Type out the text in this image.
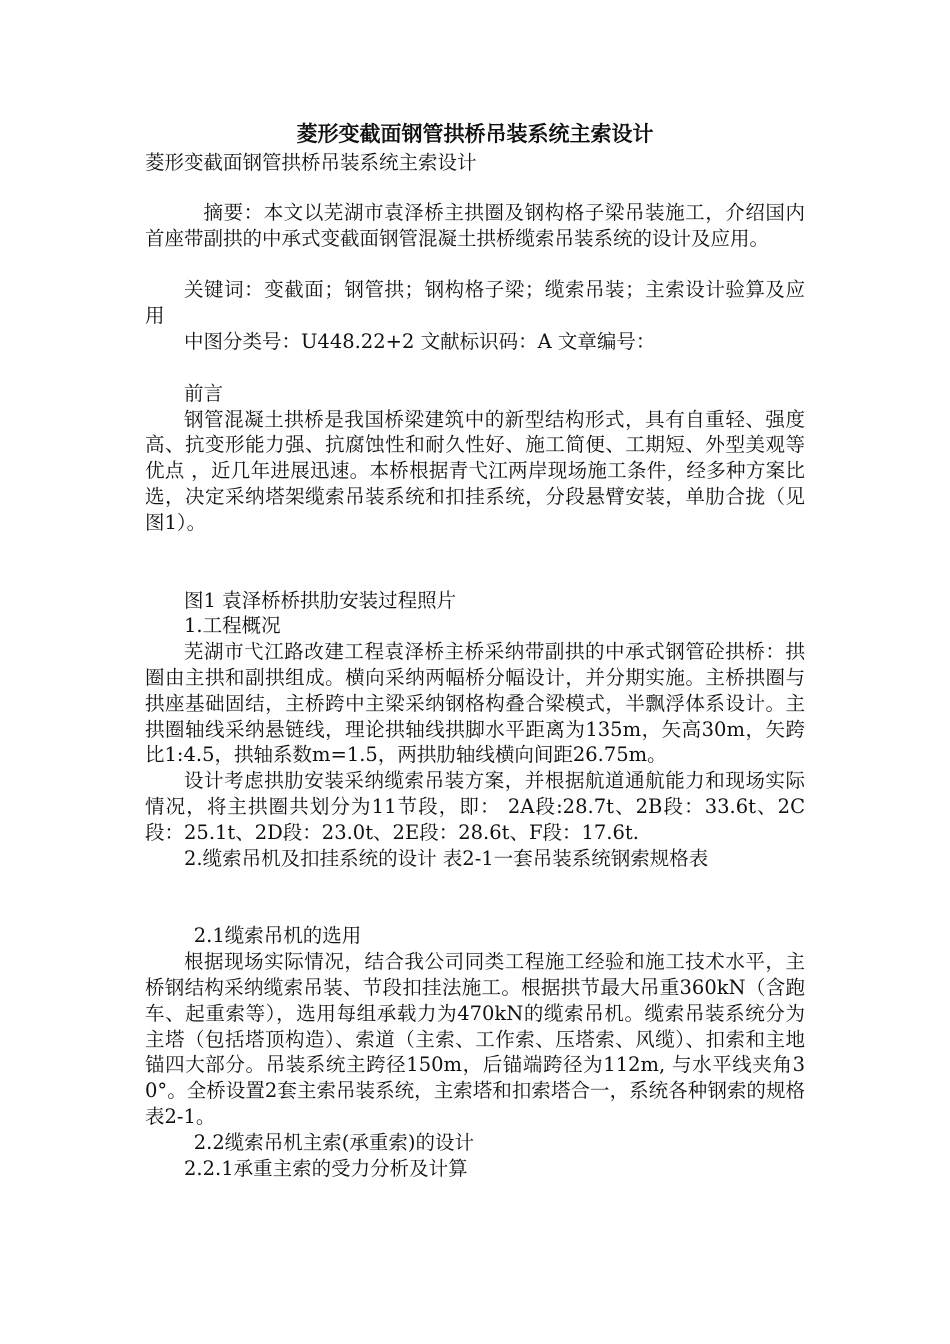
菱形变截面钢管拱桥吊装系统主索设计

菱形变截面钢管拱桥吊装系统主索设计

摘要：本文以芜湖市袁泽桥主拱圈及钢构格子梁吊装施工，介绍国内首座带副拱的中承式变截面钢管混凝土拱桥缆索吊装系统的设计及应用。

关键词：变截面；钢管拱；钢构格子梁；缆索吊装；主索设计验算及应用

中图分类号：U448.22+2 文献标识码：A 文章编号：

前言

钢管混凝土拱桥是我国桥梁建筑中的新型结构形式，具有自重轻、强度高、抗变形能力强、抗腐蚀性和耐久性好、施工简便、工期短、外型美观等优点 ，近几年进展迅速。本桥根据青弋江两岸现场施工条件，经多种方案比选，决定采纳塔架缆索吊装系统和扣挂系统，分段悬臂安装，单肋合拢（见图1）。

图1 袁泽桥桥拱肋安装过程照片

1.工程概况

芜湖市弋江路改建工程袁泽桥主桥采纳带副拱的中承式钢管砼拱桥：拱圈由主拱和副拱组成。横向采纳两幅桥分幅设计，并分期实施。主桥拱圈与拱座基础固结，主桥跨中主梁采纳钢格构叠合梁模式，半飘浮体系设计。主拱圈轴线采纳悬链线，理论拱轴线拱脚水平距离为135m，矢高30m，矢跨比1:4.5，拱轴系数m=1.5，两拱肋轴线横向间距26.75m。

设计考虑拱肋安装采纳缆索吊装方案，并根据航道通航能力和现场实际情况，将主拱圈共划分为11节段，即： 2A段:28.7t、2B段：33.6t、2C段：25.1t、2D段：23.0t、2E段：28.6t、F段：17.6t.

2.缆索吊机及扣挂系统的设计 表2-1一套吊装系统钢索规格表

2.1缆索吊机的选用

根据现场实际情况，结合我公司同类工程施工经验和施工技术水平，主桥钢结构采纳缆索吊装、节段扣挂法施工。根据拱节最大吊重360kN（含跑车、起重索等），选用每组承载力为470kN的缆索吊机。缆索吊装系统分为主塔（包括塔顶构造）、索道（主索、工作索、压塔索、风缆）、扣索和主地锚四大部分。吊装系统主跨径150m，后锚端跨径为112m, 与水平线夹角30°。全桥设置2套主索吊装系统，主索塔和扣索塔合一，系统各种钢索的规格表2-1。

2.2缆索吊机主索(承重索)的设计

2.2.1承重主索的受力分析及计算
